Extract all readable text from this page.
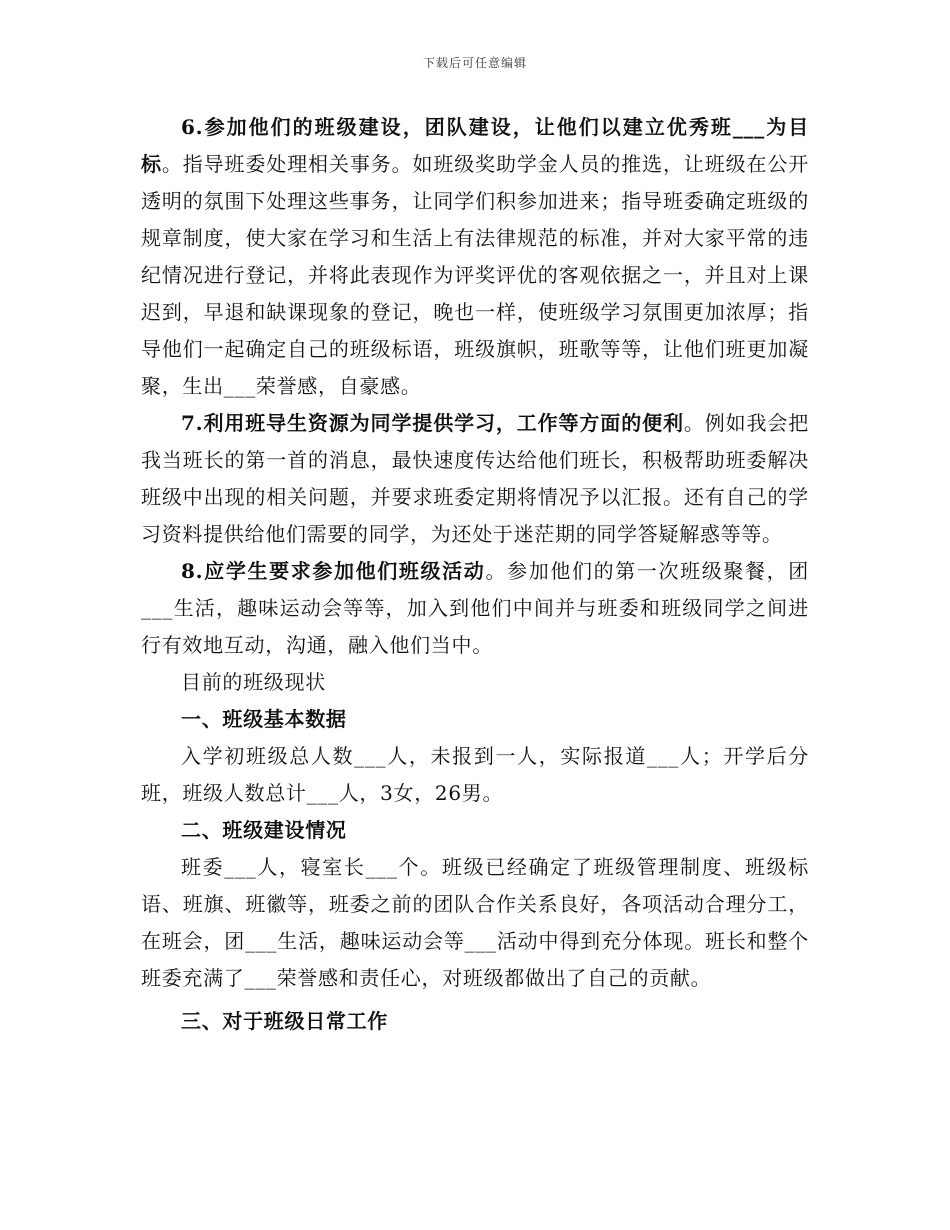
下载后可任意编辑

6.参加他们的班级建设，团队建设，让他们以建立优秀班___为目标。指导班委处理相关事务。如班级奖助学金人员的推选，让班级在公开透明的氛围下处理这些事务，让同学们积参加进来；指导班委确定班级的规章制度，使大家在学习和生活上有法律规范的标准，并对大家平常的违纪情况进行登记，并将此表现作为评奖评优的客观依据之一，并且对上课迟到，早退和缺课现象的登记，晚也一样，使班级学习氛围更加浓厚；指导他们一起确定自己的班级标语，班级旗帜，班歌等等，让他们班更加凝聚，生出___荣誉感，自豪感。

7.利用班导生资源为同学提供学习，工作等方面的便利。例如我会把我当班长的第一首的消息，最快速度传达给他们班长，积极帮助班委解决班级中出现的相关问题，并要求班委定期将情况予以汇报。还有自己的学习资料提供给他们需要的同学，为还处于迷茫期的同学答疑解惑等等。

8.应学生要求参加他们班级活动。参加他们的第一次班级聚餐，团___生活，趣味运动会等等，加入到他们中间并与班委和班级同学之间进行有效地互动，沟通，融入他们当中。

目前的班级现状

一、班级基本数据

入学初班级总人数___人，未报到一人，实际报道___人；开学后分班，班级人数总计___人，3女，26男。

二、班级建设情况

班委___人，寝室长___个。班级已经确定了班级管理制度、班级标语、班旗、班徽等，班委之前的团队合作关系良好，各项活动合理分工，在班会，团___生活，趣味运动会等___活动中得到充分体现。班长和整个班委充满了___荣誉感和责任心，对班级都做出了自己的贡献。

三、对于班级日常工作
